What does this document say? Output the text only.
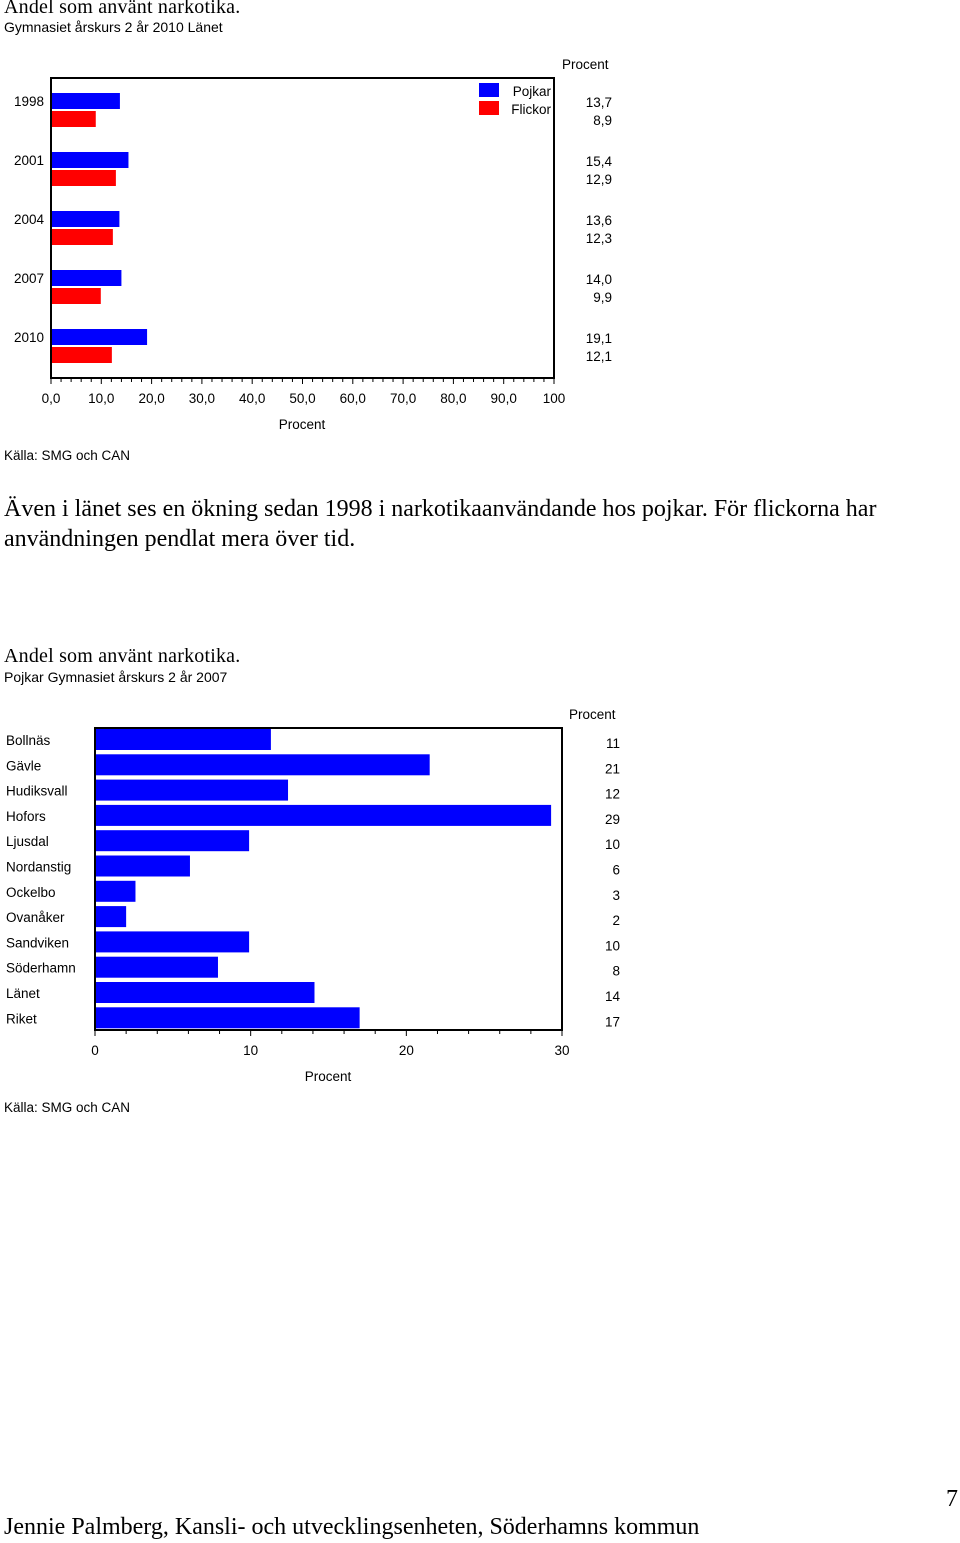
Andel som använt narkotika.
Gymnasiet årskurs 2 år 2010 Länet
Procent
1998	13,7
8,9
2001	15,4
12,9
2004	13,6
12,3
2007	14,0
9,9
2010	19,1
12,1
0,0 10,0 20,0 30,0 40,0 50,0 60,0 70,0 80,0 90,0 100
Procent
Pojkar
Flickor
Källa: SMG och CAN
Även i länet ses en ökning sedan 1998 i narkotikaanvändande hos pojkar. För flickorna har användningen pendlat mera över tid.
Andel som använt narkotika.
Pojkar Gymnasiet årskurs 2 år 2007
Procent
Bollnäs	11
Gävle	21
Hudiksvall	12
Hofors	29
Ljusdal	10
Nordanstig	6
Ockelbo	3
Ovanåker	2
Sandviken	10
Söderhamn	8
Länet	14
Riket	17
0	10	20	30
Procent
Källa: SMG och CAN
Jennie Palmberg, Kansli- och utvecklingsenheten, Söderhamns kommun
7
